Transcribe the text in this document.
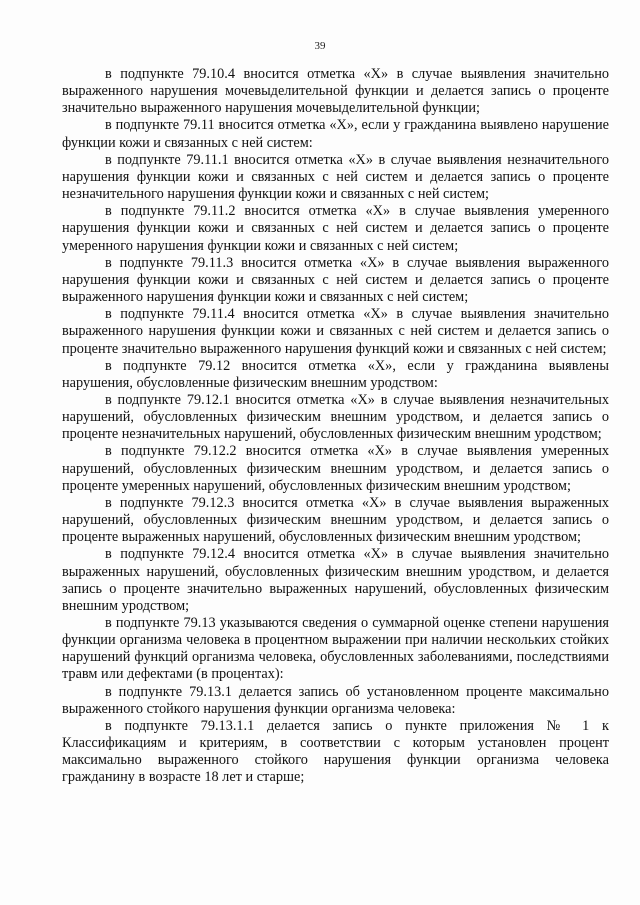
39

в подпункте 79.10.4 вносится отметка «Х» в случае выявления значительно выраженного нарушения мочевыделительной функции и делается запись о проценте значительно выраженного нарушения мочевыделительной функции;

в подпункте 79.11 вносится отметка «Х», если у гражданина выявлено нарушение функции кожи и связанных с ней систем:

в подпункте 79.11.1 вносится отметка «Х» в случае выявления незначительного нарушения функции кожи и связанных с ней систем и делается запись о проценте незначительного нарушения функции кожи и связанных с ней систем;

в подпункте 79.11.2 вносится отметка «Х» в случае выявления умеренного нарушения функции кожи и связанных с ней систем и делается запись о проценте умеренного нарушения функции кожи и связанных с ней систем;

в подпункте 79.11.3 вносится отметка «Х» в случае выявления выраженного нарушения функции кожи и связанных с ней систем и делается запись о проценте выраженного нарушения функции кожи и связанных с ней систем;

в подпункте 79.11.4 вносится отметка «Х» в случае выявления значительно выраженного нарушения функции кожи и связанных с ней систем и делается запись о проценте значительно выраженного нарушения функций кожи и связанных с ней систем;

в подпункте 79.12 вносится отметка «Х», если у гражданина выявлены нарушения, обусловленные физическим внешним уродством:

в подпункте 79.12.1 вносится отметка «Х» в случае выявления незначительных нарушений, обусловленных физическим внешним уродством, и делается запись о проценте незначительных нарушений, обусловленных физическим внешним уродством;

в подпункте 79.12.2 вносится отметка «Х» в случае выявления умеренных нарушений, обусловленных физическим внешним уродством, и делается запись о проценте умеренных нарушений, обусловленных физическим внешним уродством;

в подпункте 79.12.3 вносится отметка «Х» в случае выявления выраженных нарушений, обусловленных физическим внешним уродством, и делается запись о проценте выраженных нарушений, обусловленных физическим внешним уродством;

в подпункте 79.12.4 вносится отметка «Х» в случае выявления значительно выраженных нарушений, обусловленных физическим внешним уродством, и делается запись о проценте значительно выраженных нарушений, обусловленных физическим внешним уродством;

в подпункте 79.13 указываются сведения о суммарной оценке степени нарушения функции организма человека в процентном выражении при наличии нескольких стойких нарушений функций организма человека, обусловленных заболеваниями, последствиями травм или дефектами (в процентах):

в подпункте 79.13.1 делается запись об установленном проценте максимально выраженного стойкого нарушения функции организма человека:

в подпункте 79.13.1.1 делается запись о пункте приложения № 1 к Классификациям и критериям, в соответствии с которым установлен процент максимально выраженного стойкого нарушения функции организма человека гражданину в возрасте 18 лет и старше;
